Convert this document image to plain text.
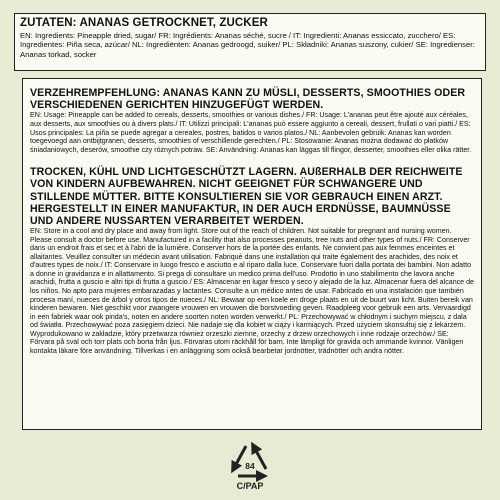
ZUTATEN: ANANAS GETROCKNET, ZUCKER
EN: Ingredients: Pineapple dried, sugar/ FR: Ingrédients: Ananas séché, sucre / IT: Ingredienti: Ananas essiccato, zucchero/ ES: Ingredientes: Piña seca, azúcar/ NL: Ingrediënten: Ananas gedroogd, suiker/ PL: Składniki: Ananas suszony, cukier/ SE: Ingredienser: Ananas torkad, socker
VERZEHREMPFEHLUNG: ANANAS KANN ZU MÜSLI, DESSERTS, SMOOTHIES ODER VERSCHIEDENEN GERICHTEN HINZUGEFÜGT WERDEN.
EN: Usage: Pineapple can be added to cereals, desserts, smoothies or various dishes./ FR: Usage: L'ananas peut être ajouté aux céréales, aux desserts, aux smoothies ou à divers plats./ IT: Utilizzi principali: L'ananas può essere aggiunto a cereali, dessert, frullati o vari piatti./ ES: Usos principales: La piña se puede agregar a cereales, postres, batidos o varios platos./ NL: Aanbevolen gebruik: Ananas kan worden toegevoegd aan ontbijtgranen, desserts, smoothies of verschillende gerechten./ PL: Stosowanie: Ananas można dodawać do płatków śniadaniowych, deserów, smoothie czy różnych potraw. SE: Användning: Ananas kan läggas till flingor, desserter, smoothies eller olika rätter.
TROCKEN, KÜHL UND LICHTGESCHÜTZT LAGERN. AUßERHALB DER REICHWEITE VON KINDERN AUFBEWAHREN. NICHT GEEIGNET FÜR SCHWANGERE UND STILLENDE MÜTTER. BITTE KONSULTIEREN SIE VOR GEBRAUCH EINEN ARZT. HERGESTELLT IN EINER MANUFAKTUR, IN DER AUCH ERDNÜSSE, BAUMNÜSSE UND ANDERE NUSSARTEN VERARBEITET WERDEN.
EN: Store in a cool and dry place and away from light. Store out of the reach of children. Not suitable for pregnant and nursing women. Please consult a doctor before use. Manufactured in a facility that also processes peanuts, tree nuts and other types of nuts./ FR: Conserver dans un endroit frais et sec et à l'abri de la lumière. Conserver hors de la portée des enfants. Ne convient pas aux femmes enceintes et allaitantes. Veuillez consulter un médecin avant utilisation. Fabriqué dans une installation qui traite également des arachides, des noix et d'autres types de noix./ IT: Conservare in luogo fresco e asciutto e al riparo dalla luce. Conservare fuori dalla portata dei bambini. Non adatto a donne in gravidanza e in allattamento. Si prega di consultare un medico prima dell'uso. Prodotto in uno stabilimento che lavora anche arachidi, frutta a guscio e altri tipi di frutta a guscio./ ES: Almacenar en lugar fresco y seco y alejado de la luz. Almacenar fuera del alcance de los niños. No apto para mujeres embarazadas y lactantes. Consulte a un médico antes de usar. Fabricado en una instalación que también procesa maní, nueces de árbol y otros tipos de nueces./ NL: Bewaar op een koele en droge plaats en uit de buurt van licht. Buiten bereik van kinderen bewaren. Niet geschikt voor zwangere vrouwen en vrouwen die borstvoeding geven. Raadpleeg voor gebruik een arts. Vervaardigd in een fabriek waar ook pinda's, noten en andere soorten noten worden verwerkt./ PL: Przechowywać w chłodnym i suchym miejscu, z dala od światła. Przechowywać poza zasięgiem dzieci. Nie nadaje się dla kobiet w ciąży i karmiących. Przed użyciem skonsultuj się z lekarzem. Wyprodukowano w zakładzie, który przetwarza również orzeszki ziemne, orzechy z drzew orzechowych i inne rodzaje orzechów./ SE: Förvara på sval och torr plats och borta från ljus. Förvaras utom räckhåll för barn. Inte lämpligt för gravida och ammande kvinnor. Vänligen kontakta läkare före användning. Tillverkas i en anläggning som också bearbetar jordnötter, trädnötter och andra nötter.
84
C/PAP
